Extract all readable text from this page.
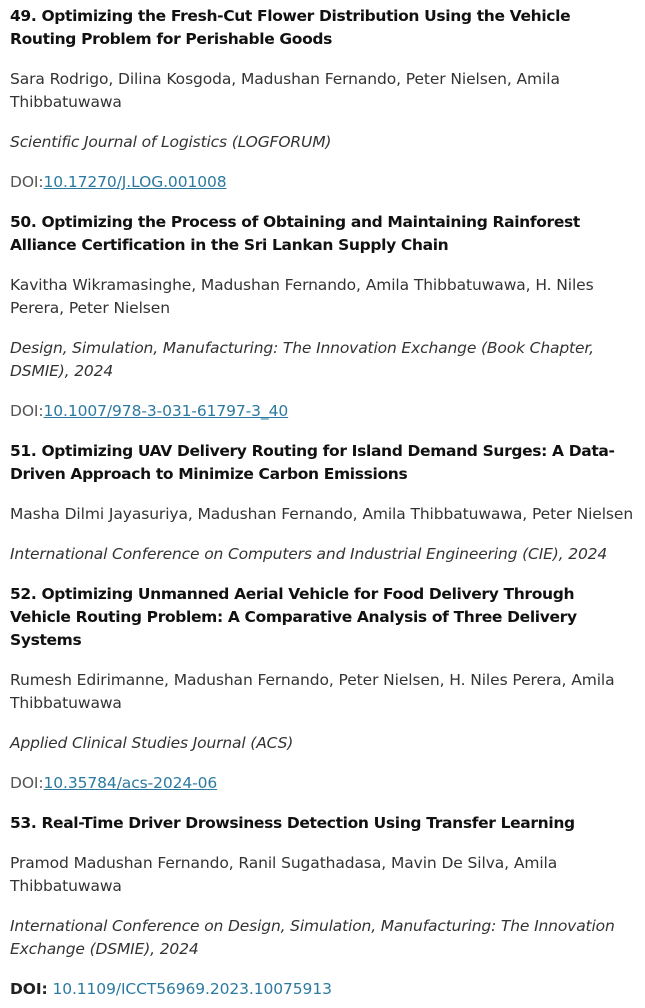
49. Optimizing the Fresh-Cut Flower Distribution Using the Vehicle Routing Problem for Perishable Goods
Sara Rodrigo, Dilina Kosgoda, Madushan Fernando, Peter Nielsen, Amila Thibbatuwawa
Scientific Journal of Logistics (LOGFORUM)
DOI:10.17270/J.LOG.001008
50. Optimizing the Process of Obtaining and Maintaining Rainforest Alliance Certification in the Sri Lankan Supply Chain
Kavitha Wikramasinghe, Madushan Fernando, Amila Thibbatuwawa, H. Niles Perera, Peter Nielsen
Design, Simulation, Manufacturing: The Innovation Exchange (Book Chapter, DSMIE), 2024
DOI:10.1007/978-3-031-61797-3_40
51. Optimizing UAV Delivery Routing for Island Demand Surges: A Data-Driven Approach to Minimize Carbon Emissions
Masha Dilmi Jayasuriya, Madushan Fernando, Amila Thibbatuwawa, Peter Nielsen
International Conference on Computers and Industrial Engineering (CIE), 2024
52. Optimizing Unmanned Aerial Vehicle for Food Delivery Through Vehicle Routing Problem: A Comparative Analysis of Three Delivery Systems
Rumesh Edirimanne, Madushan Fernando, Peter Nielsen, H. Niles Perera, Amila Thibbatuwawa
Applied Clinical Studies Journal (ACS)
DOI:10.35784/acs-2024-06
53. Real-Time Driver Drowsiness Detection Using Transfer Learning
Pramod Madushan Fernando, Ranil Sugathadasa, Mavin De Silva, Amila Thibbatuwawa
International Conference on Design, Simulation, Manufacturing: The Innovation Exchange (DSMIE), 2024
DOI: 10.1109/ICCT56969.2023.10075913
